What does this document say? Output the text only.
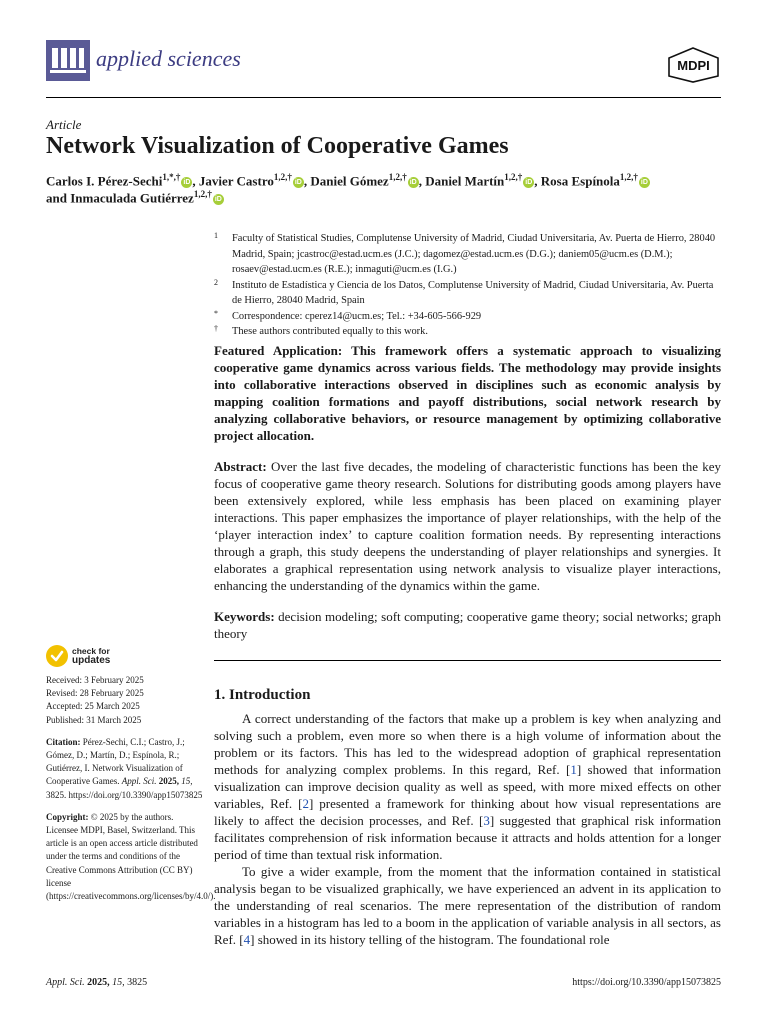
applied sciences	MDPI
Article
Network Visualization of Cooperative Games
Carlos I. Pérez-Sechi$^{1,*,\dagger}$iD , Javier Castro$^{1,2,\dagger}$iD , Daniel Gómez$^{1,2,\dagger}$iD , Daniel Martín$^{1,2,\dagger}$iD , Rosa Espínola$^{1,2,\dagger}$iD
and Inmaculada Gutiérrez$^{1,2,\dagger}$iD
1 Faculty of Statistical Studies, Complutense University of Madrid, Ciudad Universitaria, Av. Puerta de Hierro, 28040 Madrid, Spain; jcastroc@estad.ucm.es (J.C.); dagomez@estad.ucm.es (D.G.); daniem05@ucm.es (D.M.); rosaev@estad.ucm.es (R.E.); inmaguti@ucm.es (I.G.)
2 Instituto de Estadística y Ciencia de los Datos, Complutense University of Madrid, Ciudad Universitaria, Av. Puerta de Hierro, 28040 Madrid, Spain
* Correspondence: cperez14@ucm.es; Tel.: +34-605-566-929
† These authors contributed equally to this work.
Featured Application: This framework offers a systematic approach to visualizing cooperative game dynamics across various fields. The methodology may provide insights into collaborative interactions observed in disciplines such as economic analysis by mapping coalition formations and payoff distributions, social network research by analyzing collaborative behaviors, or resource management by optimizing collaborative project allocation.
Abstract: Over the last five decades, the modeling of characteristic functions has been the key focus of cooperative game theory research. Solutions for distributing goods among players have been extensively explored, while less emphasis has been placed on examining player interactions. This paper emphasizes the importance of player relationships, with the help of the ‘player interaction index’ to capture coalition formation needs. By representing interactions through a graph, this study deepens the understanding of player relationships and synergies. It elaborates a graphical representation using network analysis to visualize player interactions, enhancing the understanding of the dynamics within the game.
Keywords: decision modeling; soft computing; cooperative game theory; social networks; graph theory
1. Introduction

A correct understanding of the factors that make up a problem is key when analyzing and solving such a problem, even more so when there is a high volume of information about the problem or its factors. This has led to the widespread adoption of graphical representation methods for analyzing complex problems. In this regard, Ref. [1] showed that information visualization can improve decision quality as well as speed, with more mixed effects on other variables, Ref. [2] presented a framework for thinking about how visual representations are likely to affect the decision processes, and Ref. [3] suggested that graphical risk information facilitates comprehension of risk information because it attracts and holds attention for a longer period of time than textual risk information.

To give a wider example, from the moment that the information contained in statistical analysis began to be visualized graphically, we have experienced an advent in its application to the understanding of real scenarios. The mere representation of the distribution of random variables in a histogram has led to a boom in the application of variable analysis in all sectors, as Ref. [4] showed in its history telling of the histogram. The foundational role

check for
updates
Received: 3 February 2025
Revised: 28 February 2025
Accepted: 25 March 2025
Published: 31 March 2025
Citation: Pérez-Sechi, C.I.; Castro, J.; Gómez, D.; Martín, D.; Espínola, R.; Gutiérrez, I. Network Visualization of Cooperative Games. Appl. Sci. 2025, 15, 3825. https://doi.org/10.3390/app15073825
Copyright: © 2025 by the authors. Licensee MDPI, Basel, Switzerland. This article is an open access article distributed under the terms and conditions of the Creative Commons Attribution (CC BY) license (https://creativecommons.org/licenses/by/4.0/).
Appl. Sci. 2025, 15, 3825	https://doi.org/10.3390/app15073825
